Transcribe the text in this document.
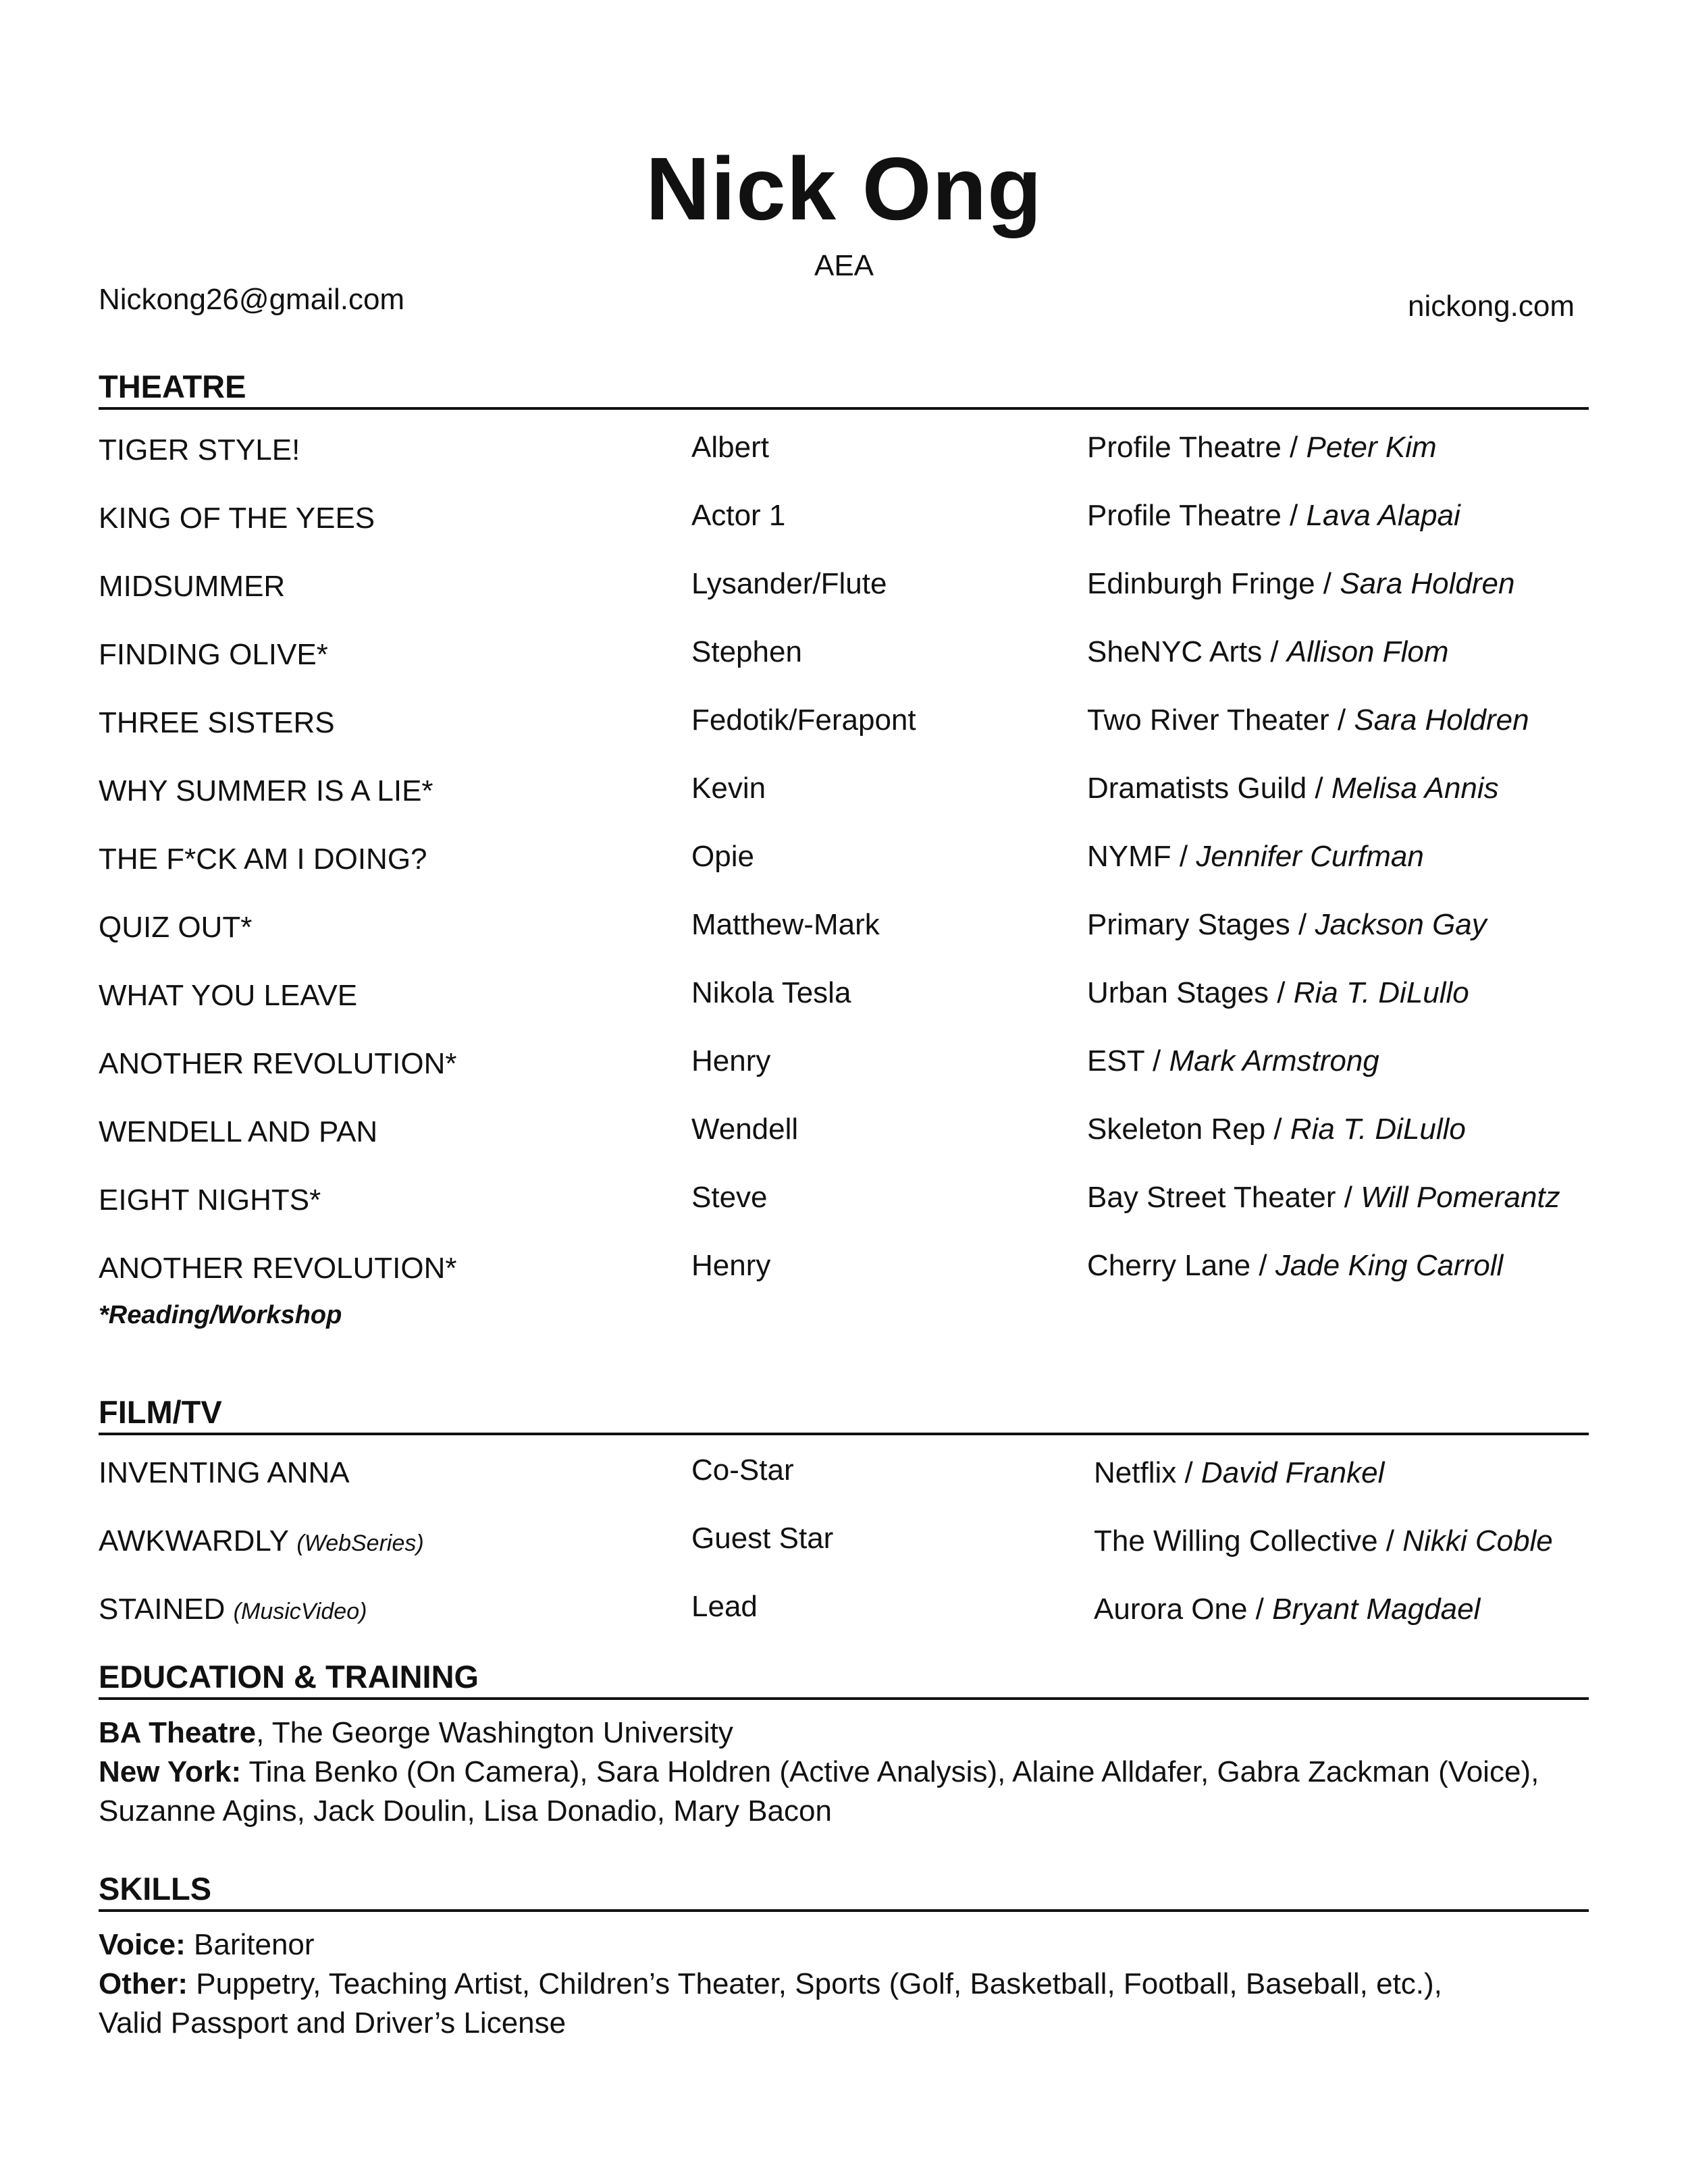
Nick Ong
AEA
Nickong26@gmail.com	nickong.com
THEATRE
TIGER STYLE!	Albert	Profile Theatre / Peter Kim
KING OF THE YEES	Actor 1	Profile Theatre / Lava Alapai
MIDSUMMER	Lysander/Flute	Edinburgh Fringe / Sara Holdren
FINDING OLIVE*	Stephen	SheNYC Arts / Allison Flom
THREE SISTERS	Fedotik/Ferapont	Two River Theater / Sara Holdren
WHY SUMMER IS A LIE*	Kevin	Dramatists Guild / Melisa Annis
THE F*CK AM I DOING?	Opie	NYMF / Jennifer Curfman
QUIZ OUT*	Matthew-Mark	Primary Stages / Jackson Gay
WHAT YOU LEAVE	Nikola Tesla	Urban Stages / Ria T. DiLullo
ANOTHER REVOLUTION*	Henry	EST / Mark Armstrong
WENDELL AND PAN	Wendell	Skeleton Rep / Ria T. DiLullo
EIGHT NIGHTS*	Steve	Bay Street Theater / Will Pomerantz
ANOTHER REVOLUTION*	Henry	Cherry Lane / Jade King Carroll
*Reading/Workshop
FILM/TV
INVENTING ANNA	Co-Star	Netflix / David Frankel
AWKWARDLY (WebSeries)	Guest Star	The Willing Collective / Nikki Coble
STAINED (MusicVideo)	Lead	Aurora One / Bryant Magdael
EDUCATION & TRAINING
BA Theatre, The George Washington University
New York: Tina Benko (On Camera), Sara Holdren (Active Analysis), Alaine Alldafer, Gabra Zackman (Voice),
Suzanne Agins, Jack Doulin, Lisa Donadio, Mary Bacon
SKILLS
Voice: Baritenor
Other: Puppetry, Teaching Artist, Children’s Theater, Sports (Golf, Basketball, Football, Baseball, etc.),
Valid Passport and Driver’s License
